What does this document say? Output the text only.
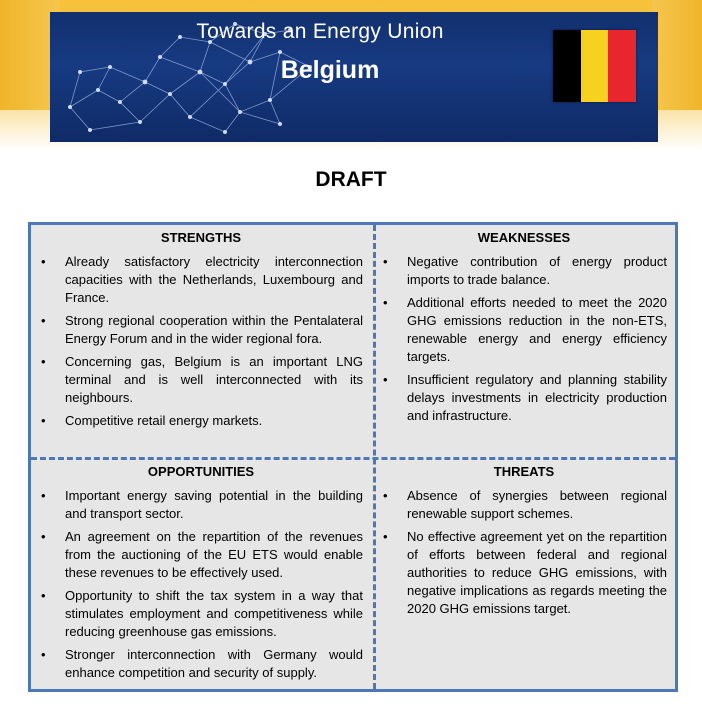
Towards an Energy Union
Belgium
DRAFT
STRENGTHS
• Already satisfactory electricity interconnection capacities with the Netherlands, Luxembourg and France.
• Strong regional cooperation within the Pentalateral Energy Forum and in the wider regional fora.
• Concerning gas, Belgium is an important LNG terminal and is well interconnected with its neighbours.
• Competitive retail energy markets.
WEAKNESSES
• Negative contribution of energy product imports to trade balance.
• Additional efforts needed to meet the 2020 GHG emissions reduction in the non-ETS, renewable energy and energy efficiency targets.
• Insufficient regulatory and planning stability delays investments in electricity production and infrastructure.
OPPORTUNITIES
• Important energy saving potential in the building and transport sector.
• An agreement on the repartition of the revenues from the auctioning of the EU ETS would enable these revenues to be effectively used.
• Opportunity to shift the tax system in a way that stimulates employment and competitiveness while reducing greenhouse gas emissions.
• Stronger interconnection with Germany would enhance competition and security of supply.
THREATS
• Absence of synergies between regional renewable support schemes.
• No effective agreement yet on the repartition of efforts between federal and regional authorities to reduce GHG emissions, with negative implications as regards meeting the 2020 GHG emissions target.
